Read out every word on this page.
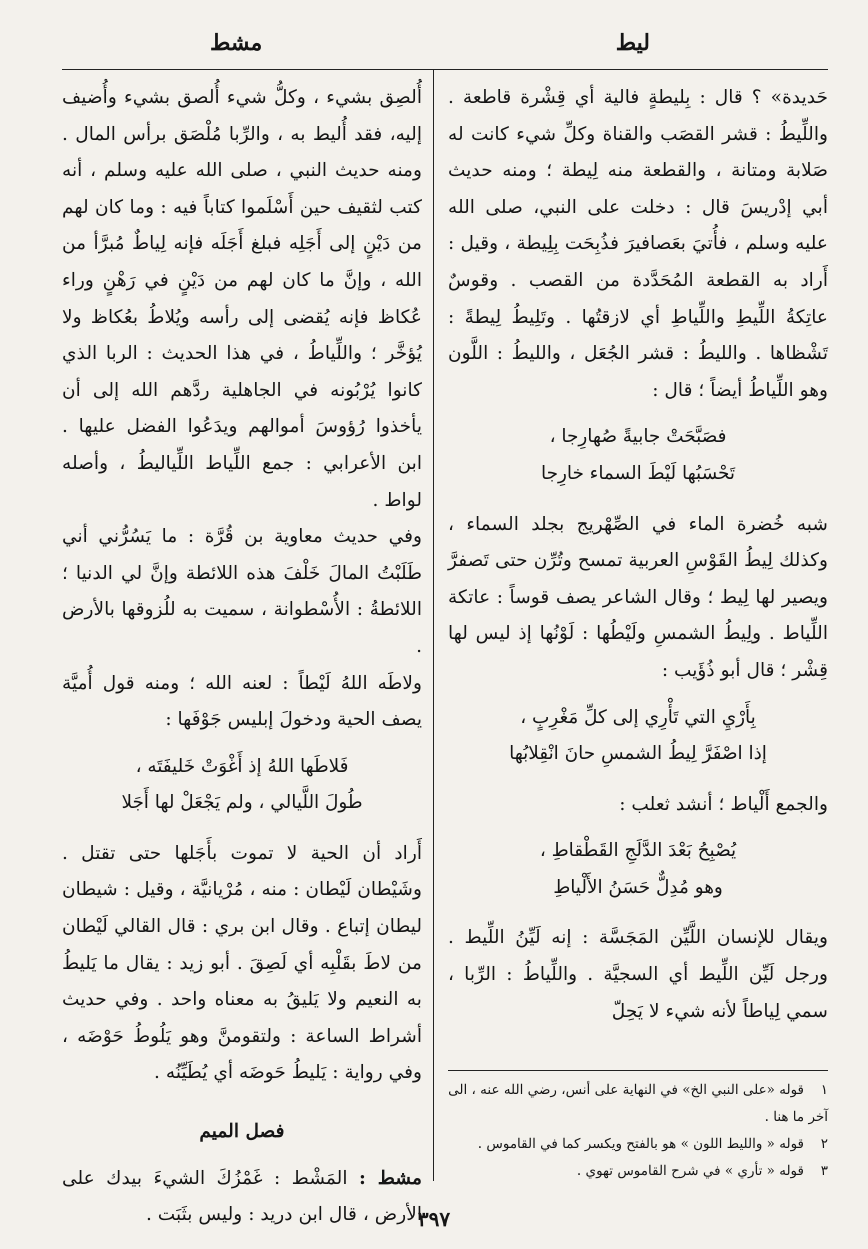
ليط
مشط

حَديدة» ؟ قال : بِليطةٍ فالية أي قِشْرة قاطعة . واللِّيطُ : قشر القصَب والقناة وكلِّ شيء كانت له صَلابة ومتانة ، والقطعة منه لِيطة ؛ ومنه حديث أبي إدْريسَ قال : دخلت على النبي، صلى الله عليه وسلم ، فأُتيَ بعَصافيرَ فذُبِحَت بِلِيطة ، وقيل : أَراد به القطعة المُحَدَّدة من القصب . وقوسٌ عاتِكةُ اللِّيطِ واللِّياطِ أي لازقتُها . وتَلِيطُ لِيطةً : تَشْظاها . والليطُ : قشر الجُعَل ، والليطُ : اللَّون وهو اللِّياطُ أيضاً ؛ قال :

فصَبَّحَتْ جابيةً صُهارِجا ،
تَحْسَبُها لَيْطَ السماء خارِجا

شبه خُضرة الماء في الصِّهْريج بجلد السماء ، وكذلك لِيطُ القَوْسِ العربية تمسح وتُرِّن حتى تَصفرَّ ويصير لها لِيط ؛ وقال الشاعر يصف قوساً : عاتكة اللِّياط . ولِيطُ الشمسِ ولَيْطُها : لَوْنُها إذ ليس لها قِشْر ؛ قال أبو ذُؤَيب :

بِأَرْيِ التي تَأْرِي إلى كلِّ مَغْرِبٍ ،
إذا اصْفَرَّ لِيطُ الشمسِ حانَ انْقِلابُها

والجمع أَلْياط ؛ أنشد ثعلب :

يُصْبِحُ بَعْدَ الدَّلَجِ القَطْقاطِ ،
وهو مُدِلٌّ حَسَنُ الأَلْياطِ

ويقال للإنسان اللَّيِّن المَجَسَّة : إنه لَيِّنُ اللِّيط . ورجل لَيِّن اللِّيط أي السجيَّة . واللِّياطُ : الرِّبا ، سمي لِياطاً لأنه شيء لا يَحِلّ

أُلصِق بشيء ، وكلُّ شيء أُلصق بشيء وأُضيف إليه، فقد أُليط به ، والرِّبا مُلْصَق برأس المال . ومنه حديث النبي ، صلى الله عليه وسلم ، أنه كتب لثقيف حين أَسْلَموا كتاباً فيه : وما كان لهم من دَيْنٍ إلى أَجَلِه فبلغ أَجَلَه فإنه لِياطٌ مُبرَّأ من الله ، وإنَّ ما كان لهم من دَيْنٍ في رَهْنٍ وراء عُكاظ فإنه يُقضى إلى رأسه ويُلاطُ بعُكاظ ولا يُؤخَّر ؛ واللِّياطُ ، في هذا الحديث : الربا الذي كانوا يُرْبُونه في الجاهلية ردَّهم الله إلى أن يأخذوا رُؤوسَ أموالهم ويدَعُوا الفضل عليها . ابن الأعرابي : جمع اللِّياط اللِّياليطُ ، وأصله لواط .

وفي حديث معاوية بن قُرَّة : ما يَسُرُّني أني طَلَبْتُ المالَ خَلْفَ هذه اللائطة وإنَّ لي الدنيا ؛ اللائطةُ : الأُسْطوانة ، سميت به للُزوقها بالأرض .

ولاطَه اللهُ لَيْطاً : لعنه الله ؛ ومنه قول أُميَّة يصف الحية ودخولَ إبليس جَوْفَها :

فَلاطَها اللهُ إذ أَغْوَتْ خَليفَتَه ،
طُولَ اللَّيالي ، ولم يَجْعَلْ لها أَجَلا

أَراد أن الحية لا تموت بأَجَلها حتى تقتل . وشَيْطان لَيْطان : منه ، مُرْيانيَّة ، وقيل : شيطان ليطان إتباع . وقال ابن بري : قال القالي لَيْطان من لاطَ بقَلْبِه أي لَصِقَ . أبو زيد : يقال ما يَليطُ به النعيم ولا يَليقُ به معناه واحد . وفي حديث أشراط الساعة : ولتقومنَّ وهو يَلُوطُ حَوْضَه ، وفي رواية : يَليطُ حَوضَه أي يُطَيِّنُه .

فصل الميم

مشط : المَشْط : غَمْزُكَ الشيءَ بيدك على الأرض ، قال ابن دريد : وليس بثَبَت .

١قوله «على النبي الخ» في النهاية على أنس، رضي الله عنه ، الى آخر ما هنا .
٢قوله « والليط اللون » هو بالفتح ويكسر كما في القاموس .
٣قوله « تأري » في شرح القاموس تهوي .
٣٩٧
